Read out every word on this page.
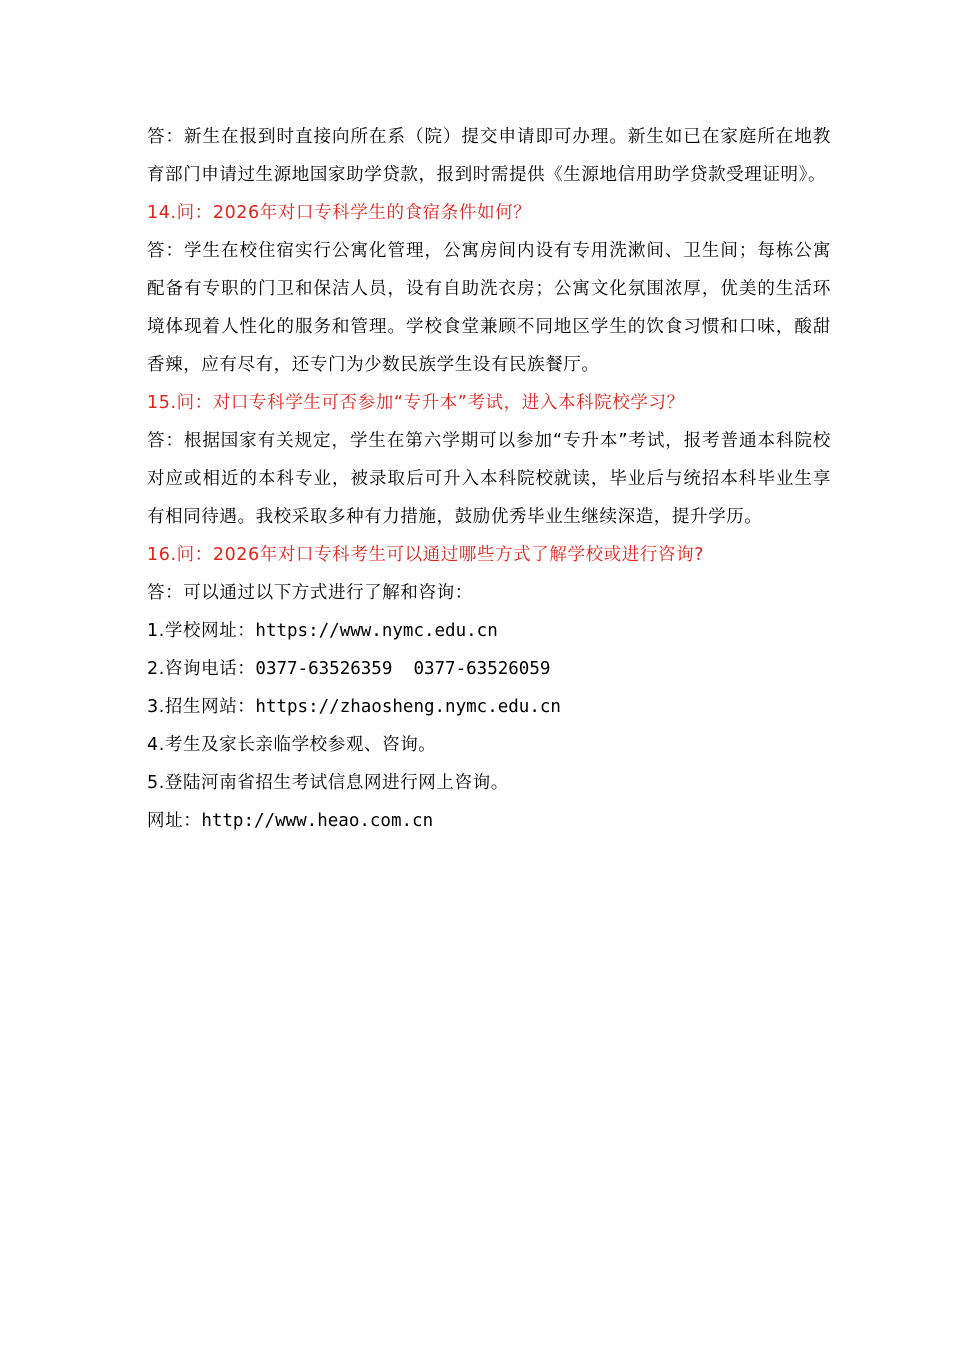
答：新生在报到时直接向所在系（院）提交申请即可办理。新生如已在家庭所在地教育部门申请过生源地国家助学贷款，报到时需提供《生源地信用助学贷款受理证明》。

14.问：2026年对口专科学生的食宿条件如何？

答：学生在校住宿实行公寓化管理，公寓房间内设有专用洗漱间、卫生间；每栋公寓配备有专职的门卫和保洁人员，设有自助洗衣房；公寓文化氛围浓厚，优美的生活环境体现着人性化的服务和管理。学校食堂兼顾不同地区学生的饮食习惯和口味，酸甜香辣，应有尽有，还专门为少数民族学生设有民族餐厅。

15.问：对口专科学生可否参加“专升本”考试，进入本科院校学习？

答：根据国家有关规定，学生在第六学期可以参加“专升本”考试，报考普通本科院校对应或相近的本科专业，被录取后可升入本科院校就读，毕业后与统招本科毕业生享有相同待遇。我校采取多种有力措施，鼓励优秀毕业生继续深造，提升学历。

16.问：2026年对口专科考生可以通过哪些方式了解学校或进行咨询?

答：可以通过以下方式进行了解和咨询：

1.学校网址：https://www.nymc.edu.cn

2.咨询电话：0377-63526359  0377-63526059

3.招生网站：https://zhaosheng.nymc.edu.cn

4.考生及家长亲临学校参观、咨询。

5.登陆河南省招生考试信息网进行网上咨询。

网址：http://www.heao.com.cn
